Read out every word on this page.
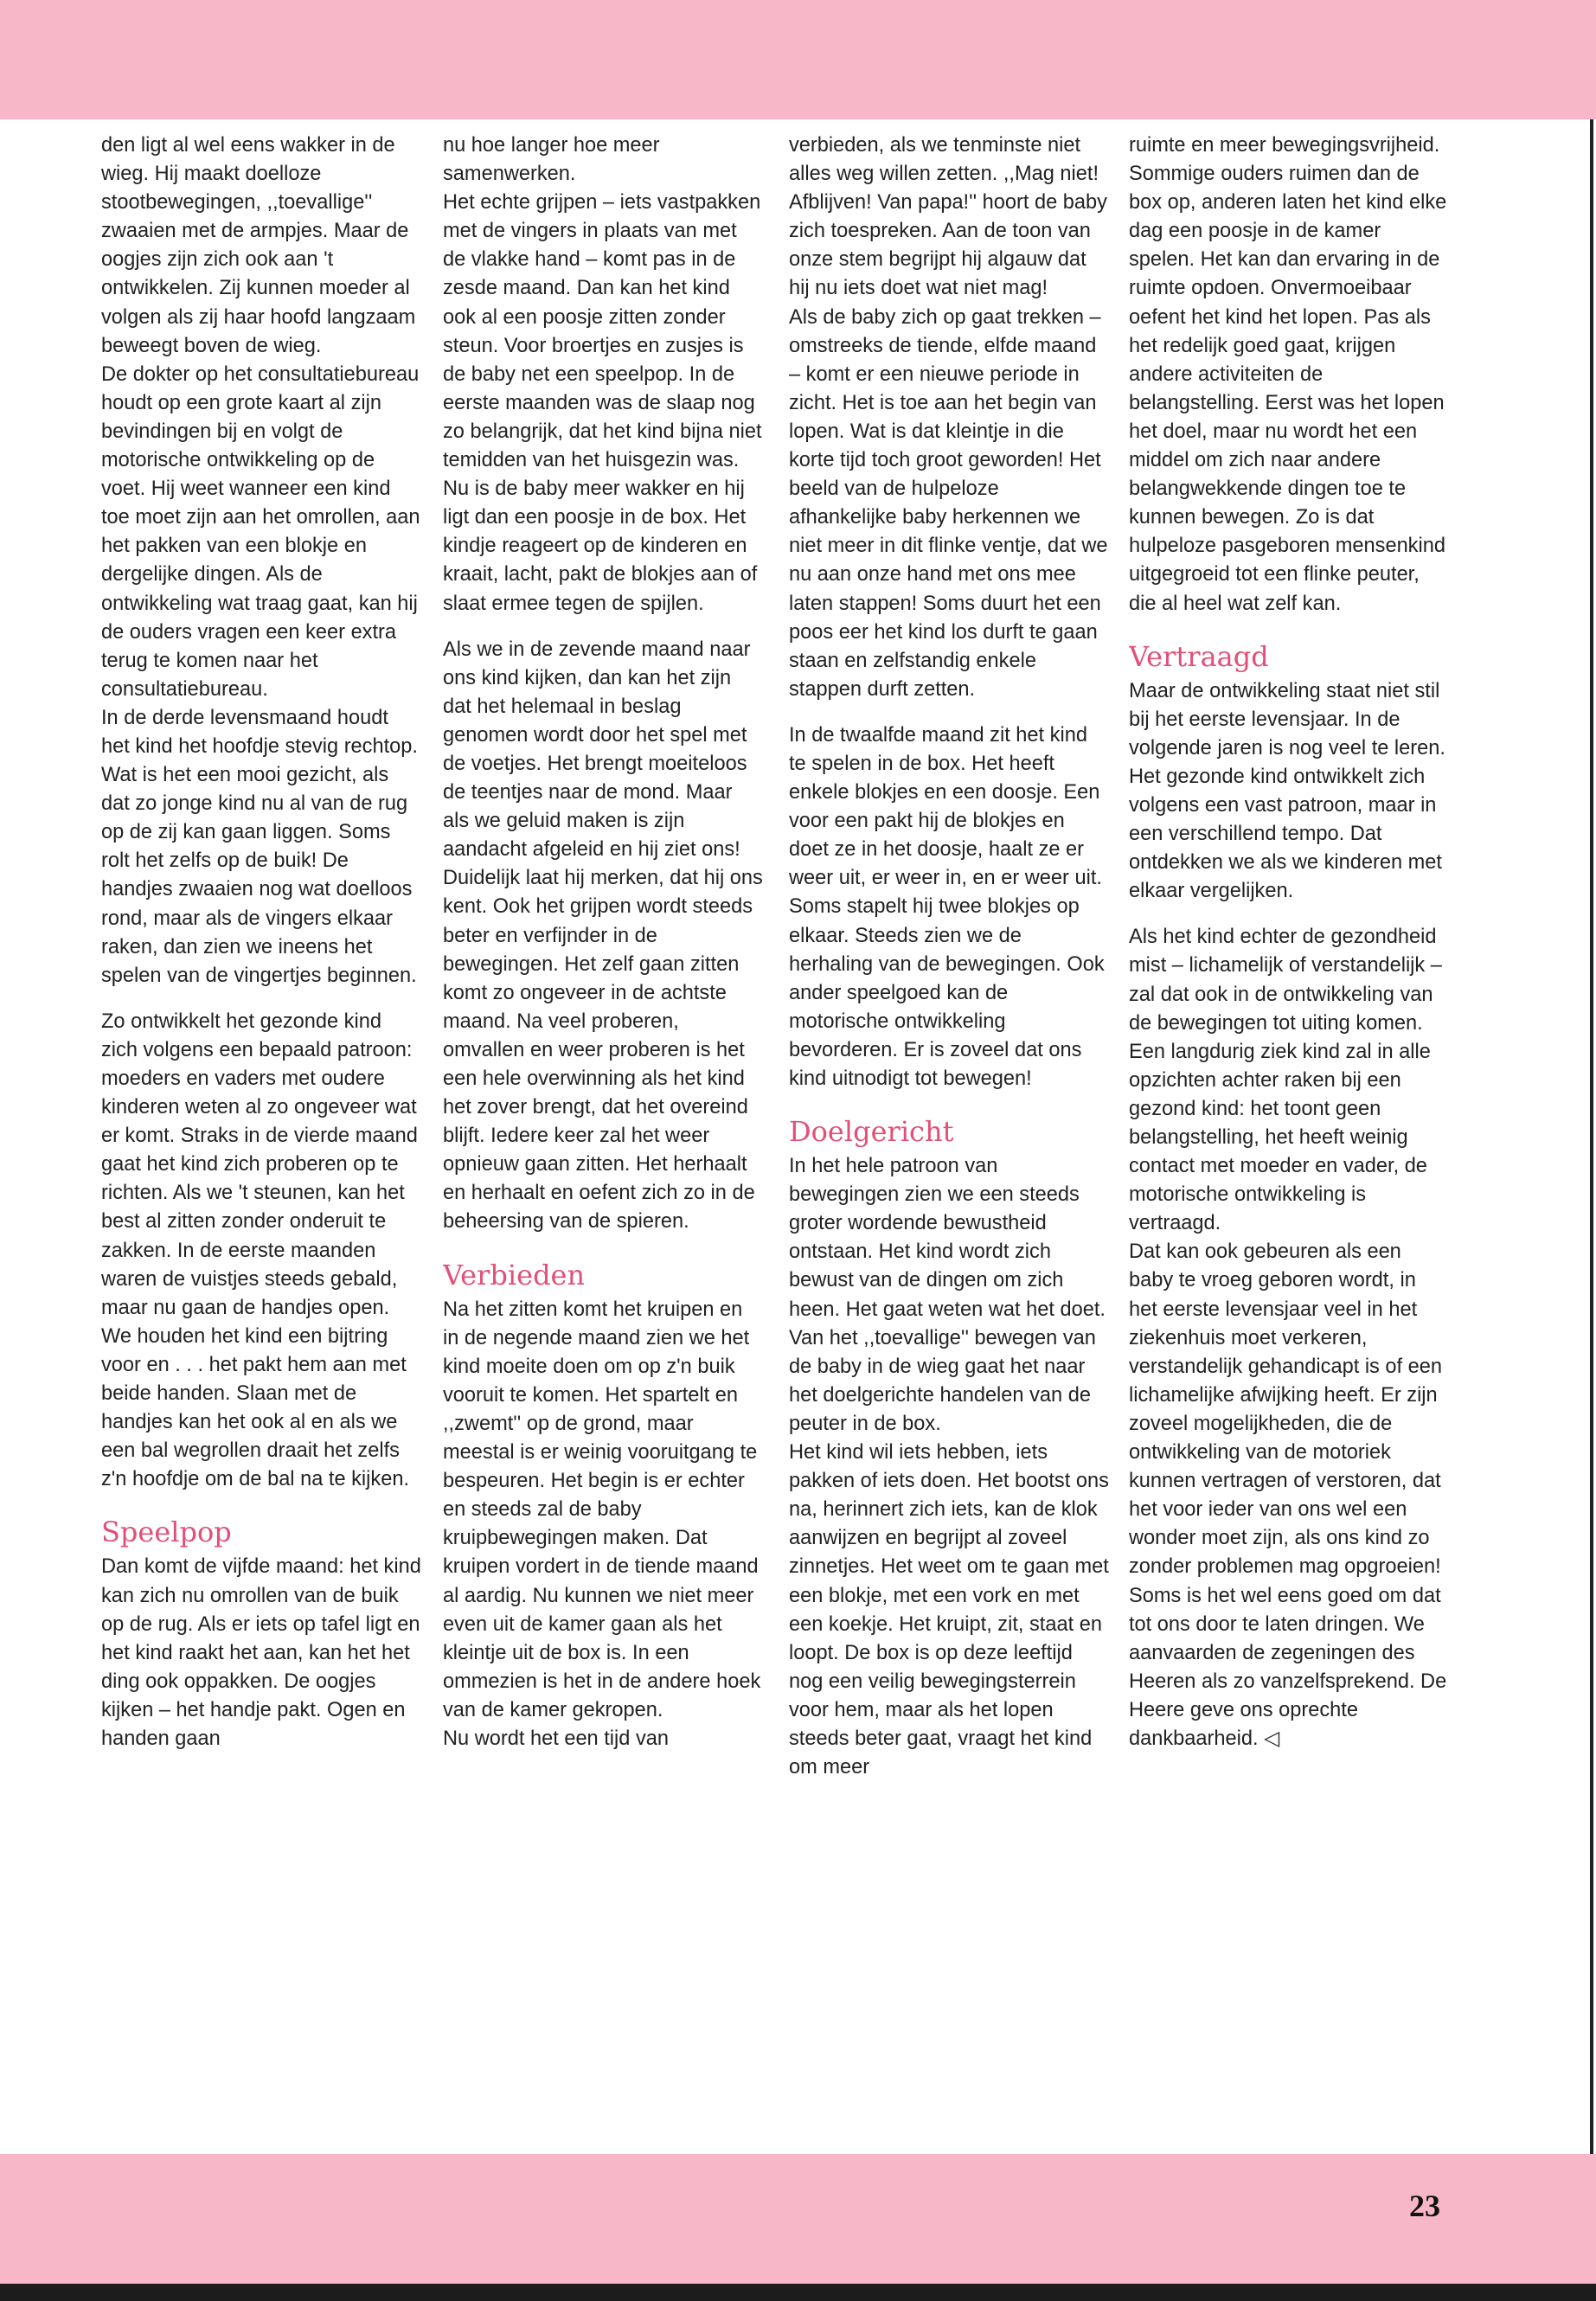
den ligt al wel eens wakker in de wieg. Hij maakt doelloze stootbewegingen, ,,toevallige'' zwaaien met de armpjes. Maar de oogjes zijn zich ook aan 't ontwikkelen. Zij kunnen moeder al volgen als zij haar hoofd langzaam beweegt boven de wieg.

De dokter op het consultatiebureau houdt op een grote kaart al zijn bevindingen bij en volgt de motorische ontwikkeling op de voet. Hij weet wanneer een kind toe moet zijn aan het omrollen, aan het pakken van een blokje en dergelijke dingen. Als de ontwikkeling wat traag gaat, kan hij de ouders vragen een keer extra terug te komen naar het consultatiebureau.

In de derde levensmaand houdt het kind het hoofdje stevig rechtop. Wat is het een mooi gezicht, als dat zo jonge kind nu al van de rug op de zij kan gaan liggen. Soms rolt het zelfs op de buik! De handjes zwaaien nog wat doelloos rond, maar als de vingers elkaar raken, dan zien we ineens het spelen van de vingertjes beginnen.

Zo ontwikkelt het gezonde kind zich volgens een bepaald patroon: moeders en vaders met oudere kinderen weten al zo ongeveer wat er komt. Straks in de vierde maand gaat het kind zich proberen op te richten. Als we 't steunen, kan het best al zitten zonder onderuit te zakken. In de eerste maanden waren de vuistjes steeds gebald, maar nu gaan de handjes open. We houden het kind een bijtring voor en . . . het pakt hem aan met beide handen. Slaan met de handjes kan het ook al en als we een bal wegrollen draait het zelfs z'n hoofdje om de bal na te kijken.

Speelpop

Dan komt de vijfde maand: het kind kan zich nu omrollen van de buik op de rug. Als er iets op tafel ligt en het kind raakt het aan, kan het het ding ook oppakken. De oogjes kijken – het handje pakt. Ogen en handen gaan

nu hoe langer hoe meer samenwerken.

Het echte grijpen – iets vastpakken met de vingers in plaats van met de vlakke hand – komt pas in de zesde maand. Dan kan het kind ook al een poosje zitten zonder steun. Voor broertjes en zusjes is de baby net een speelpop. In de eerste maanden was de slaap nog zo belangrijk, dat het kind bijna niet temidden van het huisgezin was. Nu is de baby meer wakker en hij ligt dan een poosje in de box. Het kindje reageert op de kinderen en kraait, lacht, pakt de blokjes aan of slaat ermee tegen de spijlen.

Als we in de zevende maand naar ons kind kijken, dan kan het zijn dat het helemaal in beslag genomen wordt door het spel met de voetjes. Het brengt moeiteloos de teentjes naar de mond. Maar als we geluid maken is zijn aandacht afgeleid en hij ziet ons! Duidelijk laat hij merken, dat hij ons kent. Ook het grijpen wordt steeds beter en verfijnder in de bewegingen. Het zelf gaan zitten komt zo ongeveer in de achtste maand. Na veel proberen, omvallen en weer proberen is het een hele overwinning als het kind het zover brengt, dat het overeind blijft. Iedere keer zal het weer opnieuw gaan zitten. Het herhaalt en herhaalt en oefent zich zo in de beheersing van de spieren.

Verbieden

Na het zitten komt het kruipen en in de negende maand zien we het kind moeite doen om op z'n buik vooruit te komen. Het spartelt en ,,zwemt'' op de grond, maar meestal is er weinig vooruitgang te bespeuren. Het begin is er echter en steeds zal de baby kruipbewegingen maken. Dat kruipen vordert in de tiende maand al aardig. Nu kunnen we niet meer even uit de kamer gaan als het kleintje uit de box is. In een ommezien is het in de andere hoek van de kamer gekropen.

Nu wordt het een tijd van

verbieden, als we tenminste niet alles weg willen zetten. ,,Mag niet! Afblijven! Van papa!'' hoort de baby zich toespreken. Aan de toon van onze stem begrijpt hij algauw dat hij nu iets doet wat niet mag!

Als de baby zich op gaat trekken – omstreeks de tiende, elfde maand – komt er een nieuwe periode in zicht. Het is toe aan het begin van lopen. Wat is dat kleintje in die korte tijd toch groot geworden! Het beeld van de hulpeloze afhankelijke baby herkennen we niet meer in dit flinke ventje, dat we nu aan onze hand met ons mee laten stappen! Soms duurt het een poos eer het kind los durft te gaan staan en zelfstandig enkele stappen durft zetten.

In de twaalfde maand zit het kind te spelen in de box. Het heeft enkele blokjes en een doosje. Een voor een pakt hij de blokjes en doet ze in het doosje, haalt ze er weer uit, er weer in, en er weer uit. Soms stapelt hij twee blokjes op elkaar. Steeds zien we de herhaling van de bewegingen. Ook ander speelgoed kan de motorische ontwikkeling bevorderen. Er is zoveel dat ons kind uitnodigt tot bewegen!

Doelgericht

In het hele patroon van bewegingen zien we een steeds groter wordende bewustheid ontstaan. Het kind wordt zich bewust van de dingen om zich heen. Het gaat weten wat het doet. Van het ,,toevallige'' bewegen van de baby in de wieg gaat het naar het doelgerichte handelen van de peuter in de box.

Het kind wil iets hebben, iets pakken of iets doen. Het bootst ons na, herinnert zich iets, kan de klok aanwijzen en begrijpt al zoveel zinnetjes. Het weet om te gaan met een blokje, met een vork en met een koekje. Het kruipt, zit, staat en loopt. De box is op deze leeftijd nog een veilig bewegingsterrein voor hem, maar als het lopen steeds beter gaat, vraagt het kind om meer

ruimte en meer bewegingsvrijheid.

Sommige ouders ruimen dan de box op, anderen laten het kind elke dag een poosje in de kamer spelen. Het kan dan ervaring in de ruimte opdoen. Onvermoeibaar oefent het kind het lopen. Pas als het redelijk goed gaat, krijgen andere activiteiten de belangstelling. Eerst was het lopen het doel, maar nu wordt het een middel om zich naar andere belangwekkende dingen toe te kunnen bewegen. Zo is dat hulpeloze pasgeboren mensenkind uitgegroeid tot een flinke peuter, die al heel wat zelf kan.

Vertraagd

Maar de ontwikkeling staat niet stil bij het eerste levensjaar. In de volgende jaren is nog veel te leren. Het gezonde kind ontwikkelt zich volgens een vast patroon, maar in een verschillend tempo. Dat ontdekken we als we kinderen met elkaar vergelijken.

Als het kind echter de gezondheid mist – lichamelijk of verstandelijk – zal dat ook in de ontwikkeling van de bewegingen tot uiting komen. Een langdurig ziek kind zal in alle opzichten achter raken bij een gezond kind: het toont geen belangstelling, het heeft weinig contact met moeder en vader, de motorische ontwikkeling is vertraagd.

Dat kan ook gebeuren als een baby te vroeg geboren wordt, in het eerste levensjaar veel in het ziekenhuis moet verkeren, verstandelijk gehandicapt is of een lichamelijke afwijking heeft. Er zijn zoveel mogelijkheden, die de ontwikkeling van de motoriek kunnen vertragen of verstoren, dat het voor ieder van ons wel een wonder moet zijn, als ons kind zo zonder problemen mag opgroeien! Soms is het wel eens goed om dat tot ons door te laten dringen. We aanvaarden de zegeningen des Heeren als zo vanzelfsprekend. De Heere geve ons oprechte dankbaarheid. ◁

23
